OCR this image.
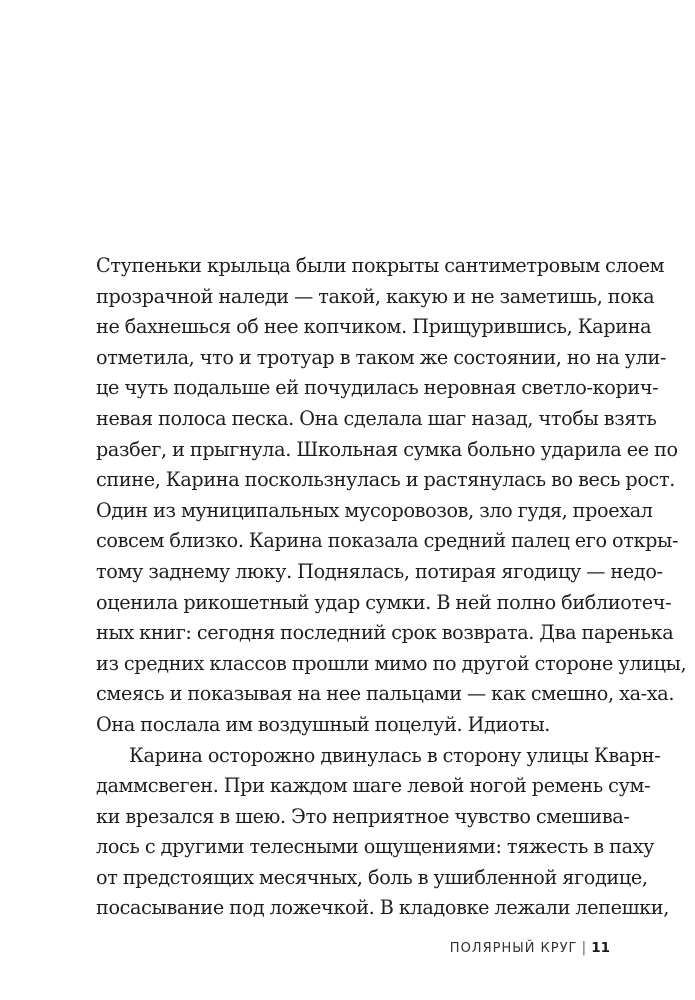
Ступеньки крыльца были покрыты сантиметровым слоем
прозрачной наледи — такой, какую и не заметишь, пока
не бахнешься об нее копчиком. Прищурившись, Карина
отметила, что и тротуар в таком же состоянии, но на ули-
це чуть подальше ей почудилась неровная светло-корич-
невая полоса песка. Она сделала шаг назад, чтобы взять
разбег, и прыгнула. Школьная сумка больно ударила ее по
спине, Карина поскользнулась и растянулась во весь рост.
Один из муниципальных мусоровозов, зло гудя, проехал
совсем близко. Карина показала средний палец его откры-
тому заднему люку. Поднялась, потирая ягодицу — недо-
оценила рикошетный удар сумки. В ней полно библиотеч-
ных книг: сегодня последний срок возврата. Два паренька
из средних классов прошли мимо по другой стороне улицы,
смеясь и показывая на нее пальцами — как смешно, ха-ха.
Она послала им воздушный поцелуй. Идиоты.
Карина осторожно двинулась в сторону улицы Кварн-
даммсвеген. При каждом шаге левой ногой ремень сум-
ки врезался в шею. Это неприятное чувство смешива-
лось с другими телесными ощущениями: тяжесть в паху
от предстоящих месячных, боль в ушибленной ягодице,
посасывание под ложечкой. В кладовке лежали лепешки,
ПОЛЯРНЫЙ КРУГ | 11
